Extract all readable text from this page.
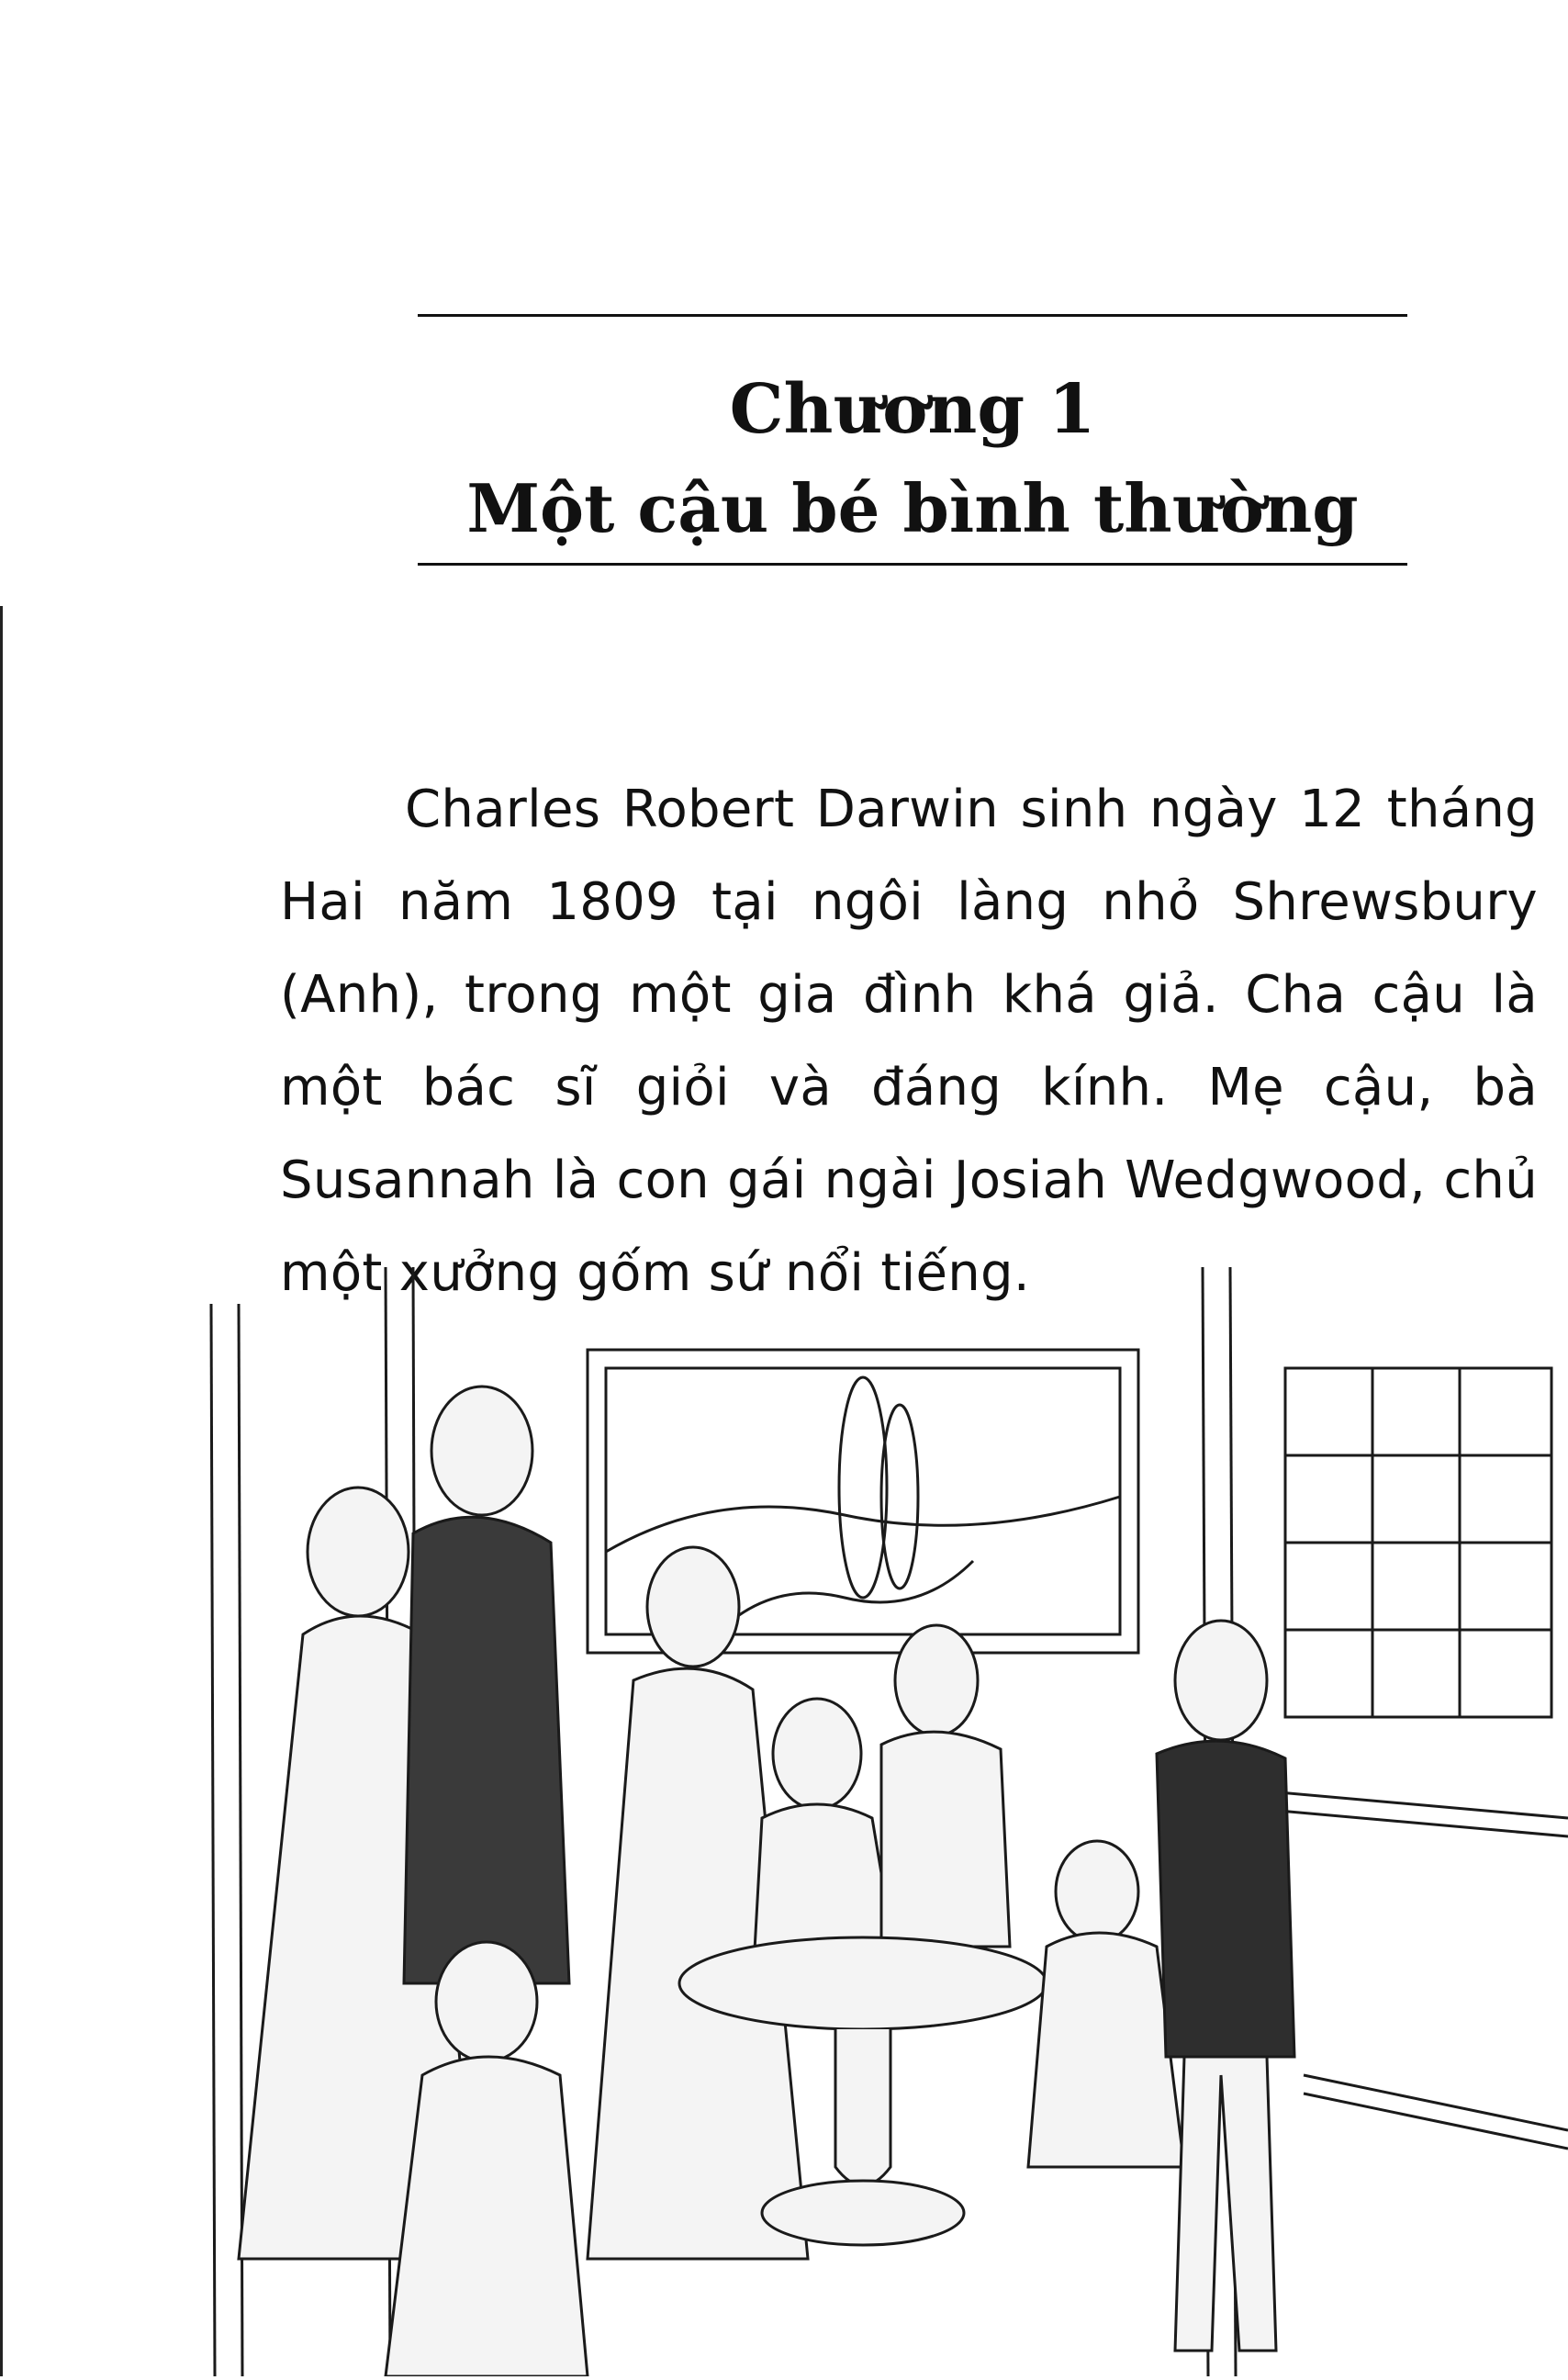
Chương 1
Một cậu bé bình thường

Charles Robert Darwin sinh ngày 12 tháng Hai năm 1809 tại ngôi làng nhỏ Shrewsbury (Anh), trong một gia đình khá giả. Cha cậu là một bác sĩ giỏi và đáng kính. Mẹ cậu, bà Susannah là con gái ngài Josiah Wedgwood, chủ một xưởng gốm sứ nổi tiếng.
